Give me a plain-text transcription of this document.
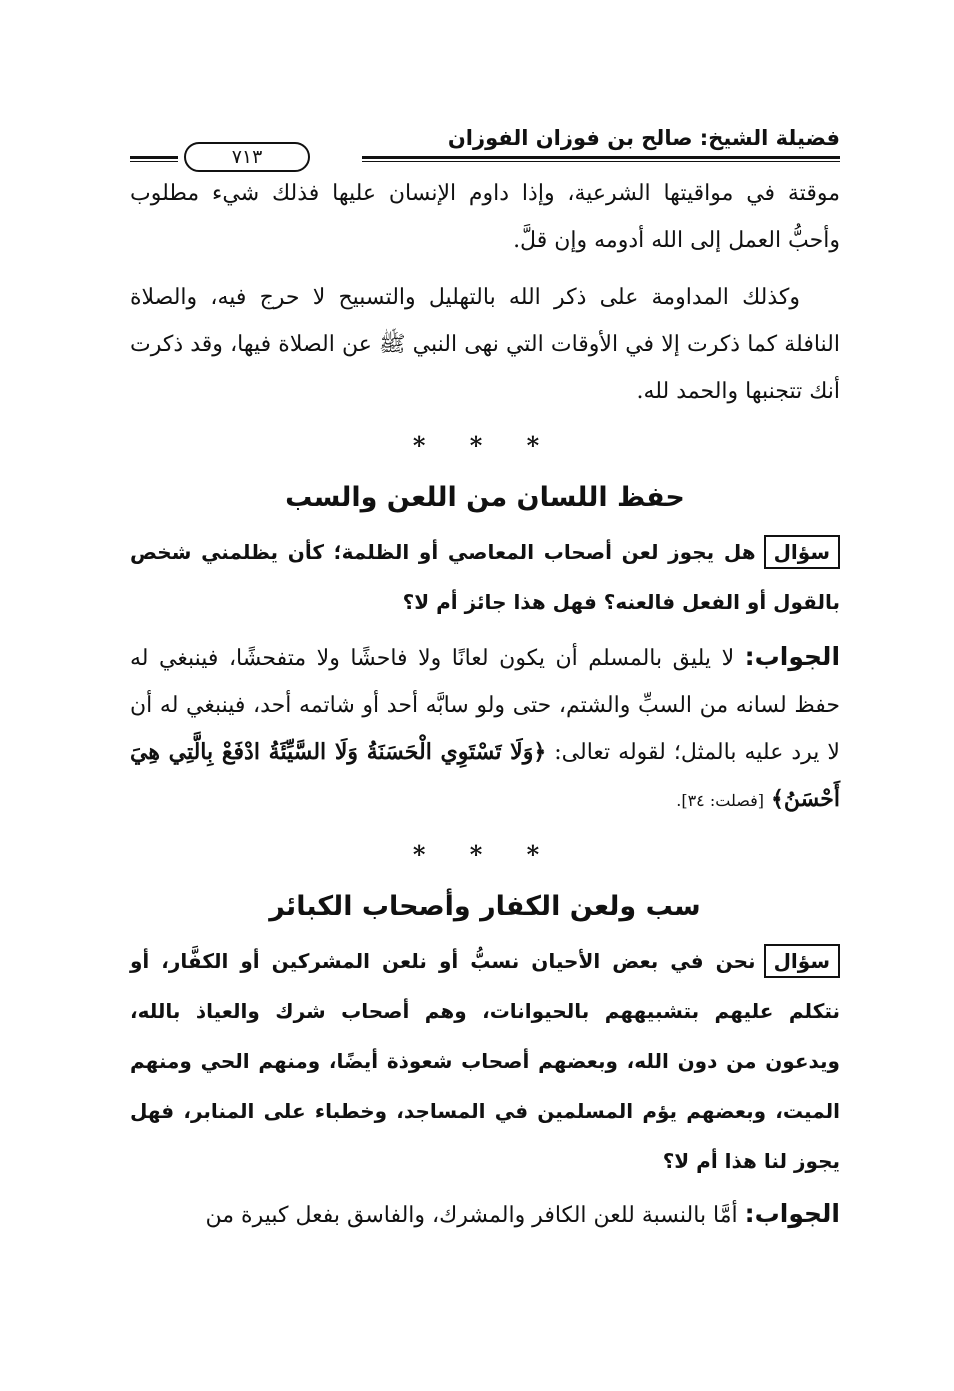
فضيلة الشيخ: صالح بن فوزان الفوزان
٧١٣

موقتة في مواقيتها الشرعية، وإذا داوم الإنسان عليها فذلك شيء مطلوب وأحبُّ العمل إلى الله أدومه وإن قلَّ.

وكذلك المداومة على ذكر الله بالتهليل والتسبيح لا حرج فيه، والصلاة النافلة كما ذكرت إلا في الأوقات التي نهى النبي ﷺ عن الصلاة فيها، وقد ذكرت أنك تتجنبها والحمد لله.

* * *
حفظ اللسان من اللعن والسب

سؤالهل يجوز لعن أصحاب المعاصي أو الظلمة؛ كأن يظلمني شخص بالقول أو الفعل فالعنه؟ فهل هذا جائز أم لا؟

الجواب: لا يليق بالمسلم أن يكون لعانًا ولا فاحشًا ولا متفحشًا، فينبغي له حفظ لسانه من السبِّ والشتم، حتى ولو سابَّه أحد أو شاتمه أحد، فينبغي له أن لا يرد عليه بالمثل؛ لقوله تعالى: ﴿وَلَا تَسْتَوِي الْحَسَنَةُ وَلَا السَّيِّئَةُ ادْفَعْ بِالَّتِي هِيَ أَحْسَنُ﴾ [فصلت: ٣٤].

* * *
سب ولعن الكفار وأصحاب الكبائر

سؤالنحن في بعض الأحيان نسبُّ أو نلعن المشركين أو الكفَّار، أو نتكلم عليهم بتشبيههم بالحيوانات، وهم أصحاب شرك والعياذ بالله، ويدعون من دون الله، وبعضهم أصحاب شعوذة أيضًا، ومنهم الحي ومنهم الميت، وبعضهم يؤم المسلمين في المساجد، وخطباء على المنابر، فهل يجوز لنا هذا أم لا؟

الجواب: أمَّا بالنسبة للعن الكافر والمشرك، والفاسق بفعل كبيرة من
